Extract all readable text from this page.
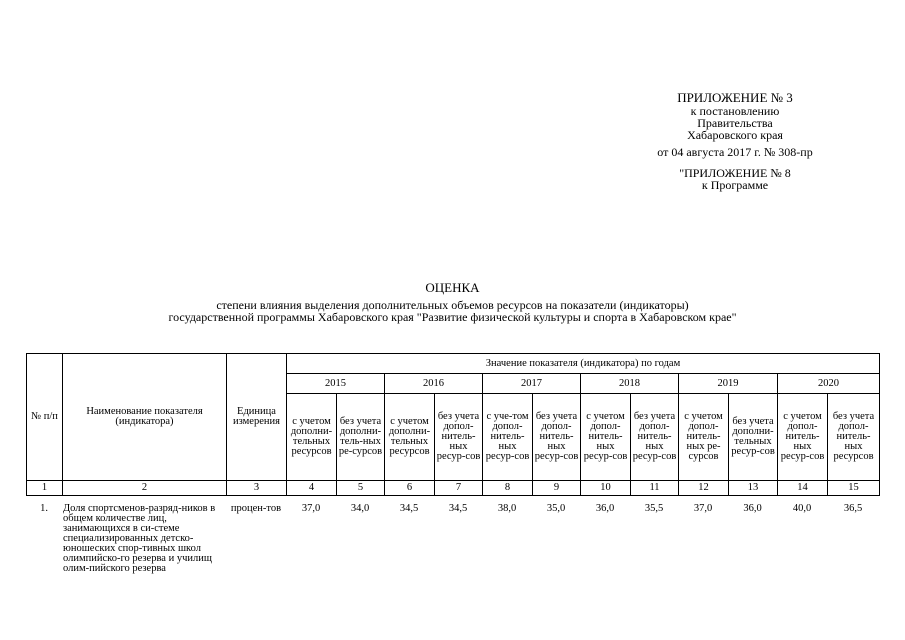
ПРИЛОЖЕНИЕ № 3
к постановлению
Правительства
Хабаровского края
от 04 августа 2017 г. № 308-пр
"ПРИЛОЖЕНИЕ № 8
к Программе
ОЦЕНКА
степени влияния выделения дополнительных объемов ресурсов на показатели (индикаторы)
государственной программы Хабаровского края "Развитие физической культуры и спорта в Хабаровском крае"
№ п/п	Наименование показателя (индикатора)	Единица измерения	Значение показателя (индикатора) по годам											
			2015		2016		2017		2018		2019		2020	
			с учетом дополни-тельных ресурсов	без учета дополни-тель-ных ре-сурсов	с учетом дополни-тельных ресурсов	без учета допол-нитель-ных ресур-сов	с уче-том допол-нитель-ных ресур-сов	без учета допол-нитель-ных ресур-сов	с учетом допол-нитель-ных ресур-сов	без учета допол-нитель-ных ресур-сов	с учетом допол-нитель-ных ре-сурсов	без учета дополни-тельных ресур-сов	с учетом допол-нитель-ных ресур-сов	без учета допол-нитель-ных ресурсов
1	2	3	4	5	6	7	8	9	10	11	12	13	14	15
1.	Доля спортсменов-разряд-ников в общем количестве лиц, занимающихся в си-стеме специализированных детско-юношеских спор-тивных школ олимпийско-го резерва и училищ олим-пийского резерва	процен-тов	37,0	34,0	34,5	34,5	38,0	35,0	36,0	35,5	37,0	36,0	40,0	36,5
